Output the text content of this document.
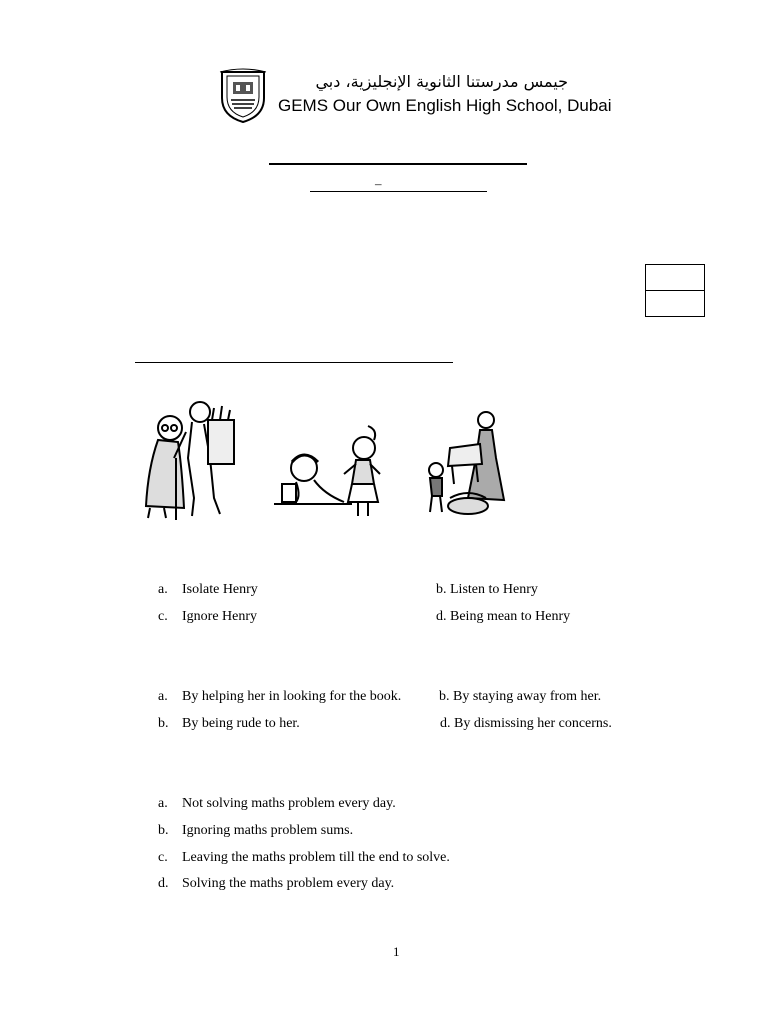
جيمس مدرستنا الثانوية الإنجليزية، دبي
GEMS Our Own English High School, Dubai
–
a. Isolate Henry	b. Listen to Henry
c. Ignore Henry	d. Being mean to Henry
a. By helping her in looking for the book.	b. By staying away from her.
b. By being rude to her.	d. By dismissing her concerns.
a. Not solving maths problem every day.
b. Ignoring maths problem sums.
c. Leaving the maths problem till the end to solve.
d. Solving the maths problem every day.
1
